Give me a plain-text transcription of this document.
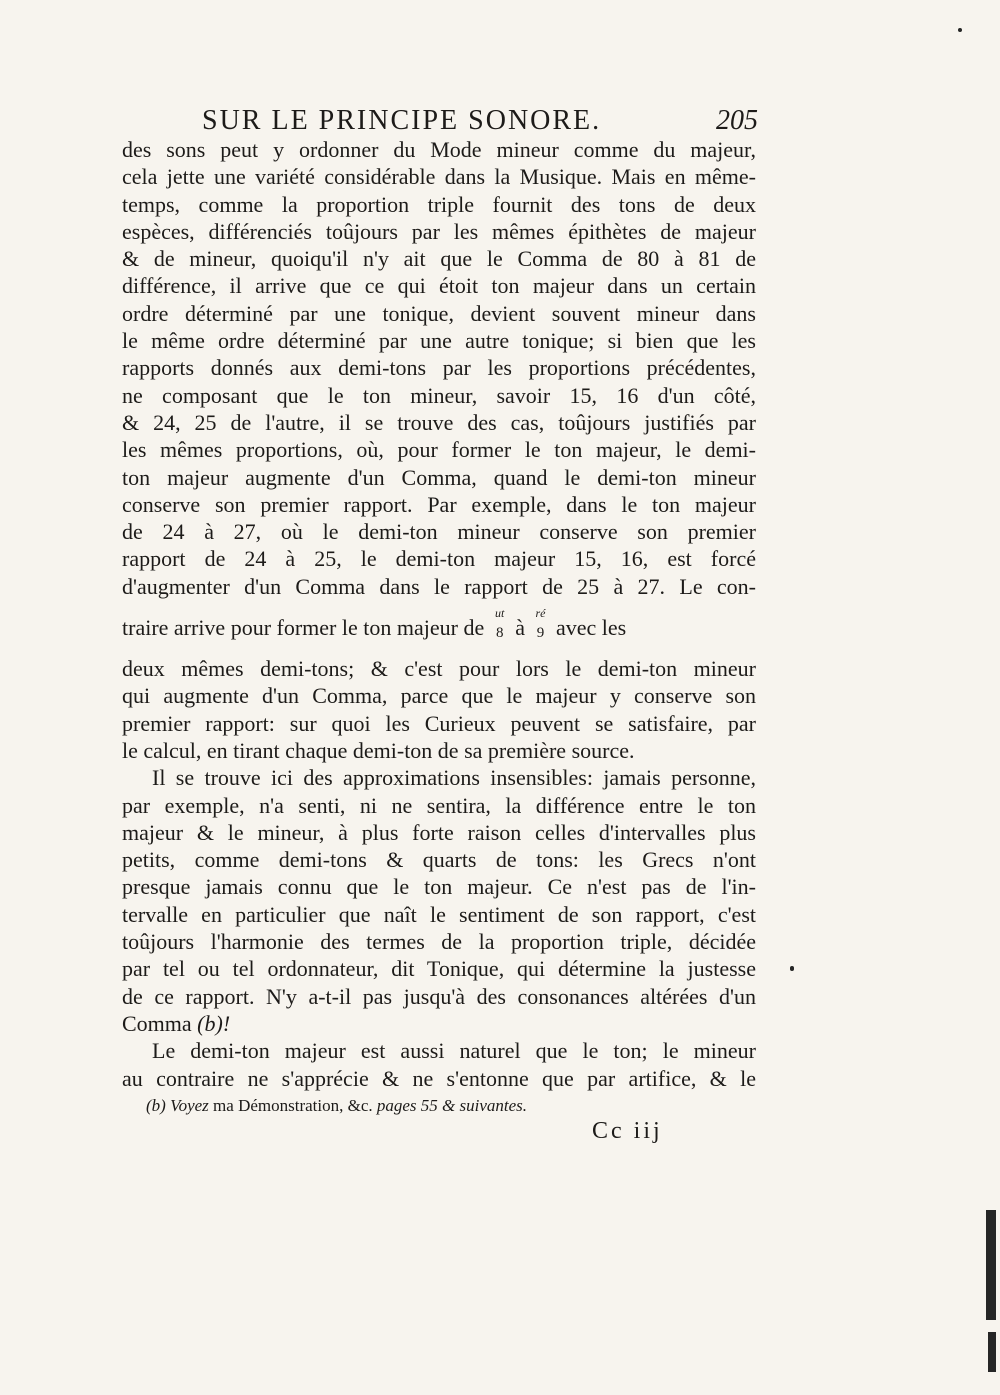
SUR LE PRINCIPE SONORE.	205
des sons peut y ordonner du Mode mineur comme du majeur,
cela jette une variété considérable dans la Musique. Mais en même-
temps, comme la proportion triple fournit des tons de deux
espèces, différenciés toûjours par les mêmes épithètes de majeur
& de mineur, quoiqu'il n'y ait que le Comma de 80 à 81 de
différence, il arrive que ce qui étoit ton majeur dans un certain
ordre déterminé par une tonique, devient souvent mineur dans
le même ordre déterminé par une autre tonique; si bien que les
rapports donnés aux demi-tons par les proportions précédentes,
ne composant que le ton mineur, savoir 15, 16 d'un côté,
& 24, 25 de l'autre, il se trouve des cas, toûjours justifiés par
les mêmes proportions, où, pour former le ton majeur, le demi-
ton majeur augmente d'un Comma, quand le demi-ton mineur
conserve son premier rapport. Par exemple, dans le ton majeur
de 24 à 27, où le demi-ton mineur conserve son premier
rapport de 24 à 25, le demi-ton majeur 15, 16, est forcé
d'augmenter d'un Comma dans le rapport de 25 à 27. Le con-
traire arrive pour former le ton majeur de
ut
8 à
ré
9 avec les
deux mêmes demi-tons; & c'est pour lors le demi-ton mineur
qui augmente d'un Comma, parce que le majeur y conserve son
premier rapport: sur quoi les Curieux peuvent se satisfaire, par
le calcul, en tirant chaque demi-ton de sa première source.
Il se trouve ici des approximations insensibles: jamais personne,
par exemple, n'a senti, ni ne sentira, la différence entre le ton
majeur & le mineur, à plus forte raison celles d'intervalles plus
petits, comme demi-tons & quarts de tons: les Grecs n'ont
presque jamais connu que le ton majeur. Ce n'est pas de l'in-
tervalle en particulier que naît le sentiment de son rapport, c'est
toûjours l'harmonie des termes de la proportion triple, décidée
par tel ou tel ordonnateur, dit Tonique, qui détermine la justesse
de ce rapport. N'y a-t-il pas jusqu'à des consonances altérées d'un
Comma (b)!
Le demi-ton majeur est aussi naturel que le ton; le mineur
au contraire ne s'apprécie & ne s'entonne que par artifice, & le
(b) Voyez ma Démonstration, &c. pages 55 & suivantes.
Cc iij
